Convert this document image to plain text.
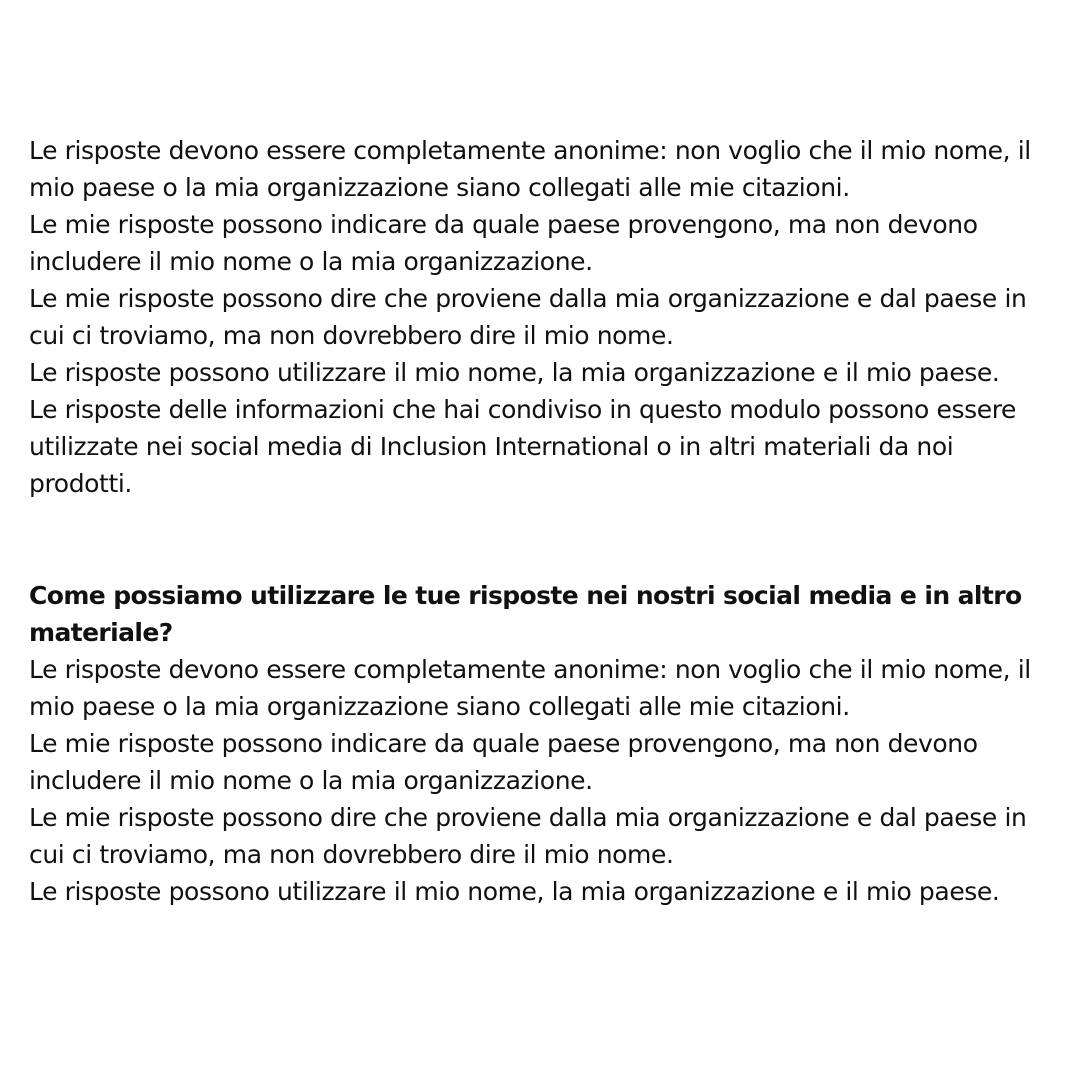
Le risposte devono essere completamente anonime: non voglio che il mio nome, il mio paese o la mia organizzazione siano collegati alle mie citazioni.

Le mie risposte possono indicare da quale paese provengono, ma non devono includere il mio nome o la mia organizzazione.

Le mie risposte possono dire che proviene dalla mia organizzazione e dal paese in cui ci troviamo, ma non dovrebbero dire il mio nome.

Le risposte possono utilizzare il mio nome, la mia organizzazione e il mio paese.

Le risposte delle informazioni che hai condiviso in questo modulo possono essere utilizzate nei social media di Inclusion International o in altri materiali da noi prodotti.

Come possiamo utilizzare le tue risposte nei nostri social media e in altro materiale?

Le risposte devono essere completamente anonime: non voglio che il mio nome, il mio paese o la mia organizzazione siano collegati alle mie citazioni.

Le mie risposte possono indicare da quale paese provengono, ma non devono includere il mio nome o la mia organizzazione.

Le mie risposte possono dire che proviene dalla mia organizzazione e dal paese in cui ci troviamo, ma non dovrebbero dire il mio nome.

Le risposte possono utilizzare il mio nome, la mia organizzazione e il mio paese.
